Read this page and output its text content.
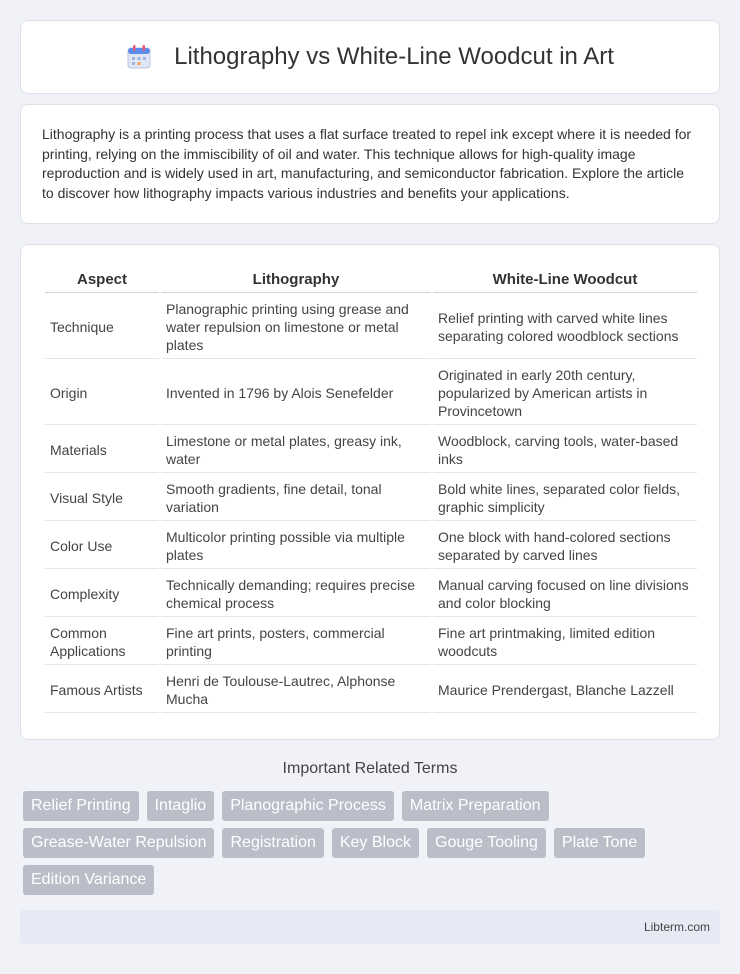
Lithography vs White-Line Woodcut in Art

Lithography is a printing process that uses a flat surface treated to repel ink except where it is needed for printing, relying on the immiscibility of oil and water. This technique allows for high-quality image reproduction and is widely used in art, manufacturing, and semiconductor fabrication. Explore the article to discover how lithography impacts various industries and benefits your applications.

Aspect	Lithography	White-Line Woodcut
Technique	Planographic printing using grease and water repulsion on limestone or metal plates	Relief printing with carved white lines separating colored woodblock sections
Origin	Invented in 1796 by Alois Senefelder	Originated in early 20th century, popularized by American artists in Provincetown
Materials	Limestone or metal plates, greasy ink, water	Woodblock, carving tools, water-based inks
Visual Style	Smooth gradients, fine detail, tonal variation	Bold white lines, separated color fields, graphic simplicity
Color Use	Multicolor printing possible via multiple plates	One block with hand-colored sections separated by carved lines
Complexity	Technically demanding; requires precise chemical process	Manual carving focused on line divisions and color blocking
Common Applications	Fine art prints, posters, commercial printing	Fine art printmaking, limited edition woodcuts
Famous Artists	Henri de Toulouse-Lautrec, Alphonse Mucha	Maurice Prendergast, Blanche Lazzell
Important Related Terms
Relief Printing	Intaglio	Planographic Process	Matrix Preparation
Grease-Water Repulsion	Registration	Key Block	Gouge Tooling	Plate Tone
Edition Variance
Libterm.com
